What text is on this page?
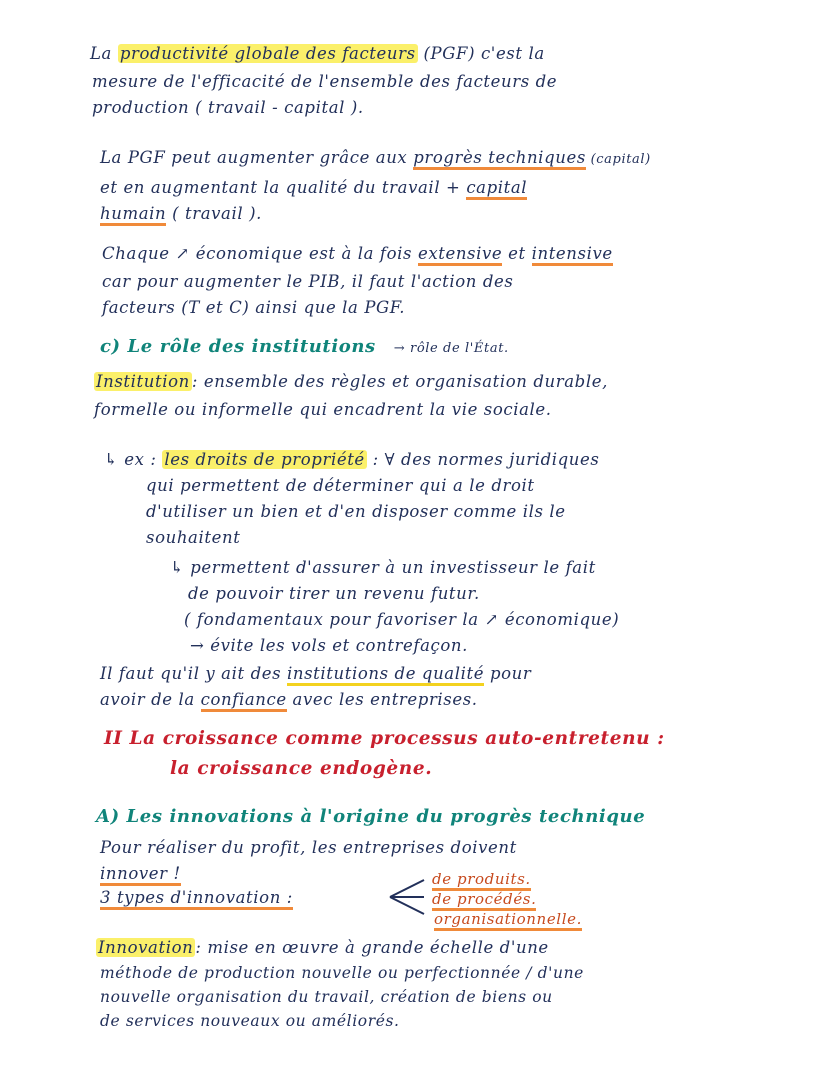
La productivité globale des facteurs (PGF) c'est la
mesure de l'efficacité de l'ensemble des facteurs de
production ( travail - capital ).
La PGF peut augmenter grâce aux progrès techniques (capital)
et en augmentant la qualité du travail + capital
humain ( travail ).
Chaque ↗ économique est à la fois extensive et intensive
car pour augmenter le PIB, il faut l'action des
facteurs (T et C) ainsi que la PGF.
c) Le rôle des institutions → rôle de l'État.
Institution : ensemble des règles et organisation durable,
formelle ou informelle qui encadrent la vie sociale.
↳ ex : les droits de propriété : ∀ des normes juridiques
qui permettent de déterminer qui a le droit
d'utiliser un bien et d'en disposer comme ils le
souhaitent
↳ permettent d'assurer à un investisseur le fait
de pouvoir tirer un revenu futur.
( fondamentaux pour favoriser la ↗ économique)
→ évite les vols et contrefaçon.
Il faut qu'il y ait des institutions de qualité pour
avoir de la confiance avec les entreprises.
II La croissance comme processus auto-entretenu :
la croissance endogène.
A) Les innovations à l'origine du progrès technique
Pour réaliser du profit, les entreprises doivent
innover !
3 types d'innovation :
de produits.
de procédés.
organisationnelle.
Innovation : mise en œuvre à grande échelle d'une
méthode de production nouvelle ou perfectionnée / d'une
nouvelle organisation du travail, création de biens ou
de services nouveaux ou améliorés.
